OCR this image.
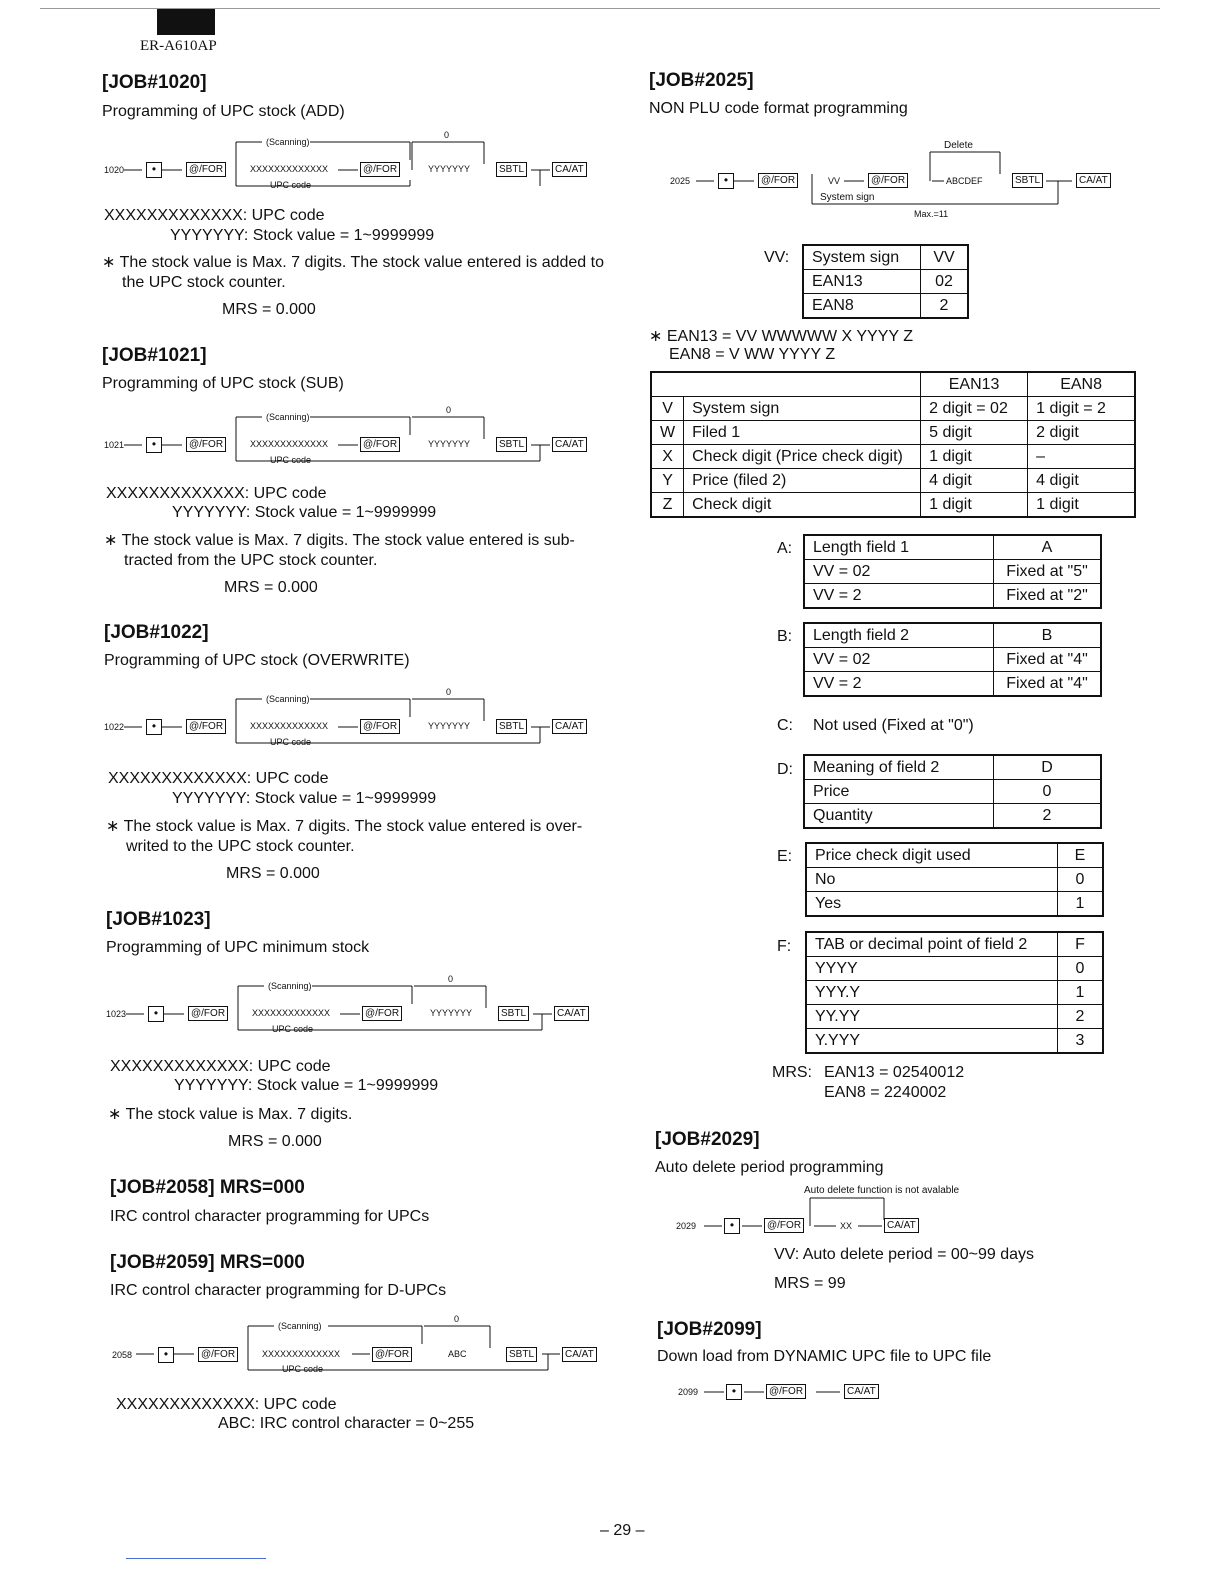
ER-A610AP
[JOB#1020]
Programming of UPC stock (ADD)
1020	•	@/FOR
(Scanning)
0
XXXXXXXXXXXXX	@/FOR	YYYYYYY	SBTL	CA/AT
UPC code
XXXXXXXXXXXXX: UPC code
YYYYYYY: Stock value = 1~9999999
∗ The stock value is Max. 7 digits. The stock value entered is added to the UPC stock counter.
MRS = 0.000
[JOB#1021]
Programming of UPC stock (SUB)
1021	•	@/FOR
(Scanning)
0
XXXXXXXXXXXXX	@/FOR	YYYYYYY	SBTL	CA/AT
UPC code
XXXXXXXXXXXXX: UPC code
YYYYYYY: Stock value = 1~9999999
∗ The stock value is Max. 7 digits. The stock value entered is sub-tracted from the UPC stock counter.
MRS = 0.000
[JOB#1022]
Programming of UPC stock (OVERWRITE)
1022	•	@/FOR
(Scanning)
0
XXXXXXXXXXXXX	@/FOR	YYYYYYY	SBTL	CA/AT
UPC code
XXXXXXXXXXXXX: UPC code
YYYYYYY: Stock value = 1~9999999
∗ The stock value is Max. 7 digits. The stock value entered is over-writed to the UPC stock counter.
MRS = 0.000
[JOB#1023]
Programming of UPC minimum stock
1023	•	@/FOR
(Scanning)
0
XXXXXXXXXXXXX	@/FOR	YYYYYYY	SBTL	CA/AT
UPC code
XXXXXXXXXXXXX: UPC code
YYYYYYY: Stock value = 1~9999999
∗ The stock value is Max. 7 digits.
MRS = 0.000
[JOB#2058] MRS=000
IRC control character programming for UPCs
[JOB#2059] MRS=000
IRC control character programming for D-UPCs
2058	•	@/FOR
(Scanning)
0
XXXXXXXXXXXXX	@/FOR	ABC	SBTL	CA/AT
UPC code
XXXXXXXXXXXXX: UPC code
ABC: IRC control character = 0~255
[JOB#2025]
NON PLU code format programming
Delete
2025	•	@/FOR	VV	@/FOR	ABCDEF	SBTL	CA/AT
System sign
Max.=11
VV: System sign	VV
EAN13	02
EAN8	2
∗ EAN13 = VV WWWWW X YYYY Z
EAN8 = V WW YYYY Z
		EAN13	EAN8
V	System sign	2 digit = 02	1 digit = 2
W	Filed 1	5 digit	2 digit
X	Check digit (Price check digit)	1 digit	–
Y	Price (filed 2)	4 digit	4 digit
Z	Check digit	1 digit	1 digit
A: Length field 1	A
VV = 02	Fixed at "5"
VV = 2	Fixed at "2"
B: Length field 2	B
VV = 02	Fixed at "4"
VV = 2	Fixed at "4"
C: Not used (Fixed at "0")
D: Meaning of field 2	D
Price	0
Quantity	2
E: Price check digit used	E
No	0
Yes	1
F: TAB or decimal point of field 2	F
YYYY	0
YYY.Y	1
YY.YY	2
Y.YYY	3
MRS: EAN13 = 02540012
EAN8 = 2240002
[JOB#2029]
Auto delete period programming
Auto delete function is not avalable
2029	•	@/FOR	XX	CA/AT
VV: Auto delete period = 00~99 days
MRS = 99
[JOB#2099]
Down load from DYNAMIC UPC file to UPC file
2099	•	@/FOR	CA/AT
– 29 –
